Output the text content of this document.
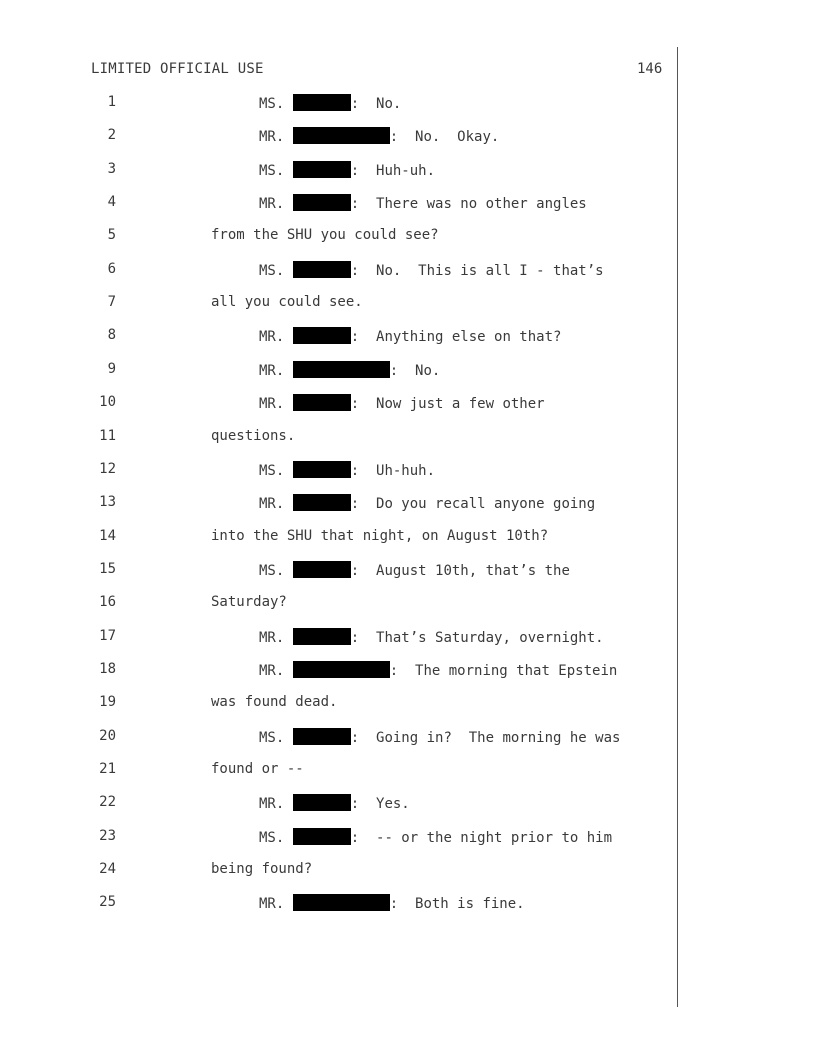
LIMITED OFFICIAL USE	146
1	MS.	:  No.
2	MR.	:  No.  Okay.
3	MS.	:  Huh-uh.
4	MR.	:  There was no other angles
5	from the SHU you could see?
6	MS.	:  No.  This is all I - that’s
7	all you could see.
8	MR.	:  Anything else on that?
9	MR.	:  No.
10	MR.	:  Now just a few other
11	questions.
12	MS.	:  Uh-huh.
13	MR.	:  Do you recall anyone going
14	into the SHU that night, on August 10th?
15	MS.	:  August 10th, that’s the
16	Saturday?
17	MR.	:  That’s Saturday, overnight.
18	MR.	:  The morning that Epstein
19	was found dead.
20	MS.	:  Going in?  The morning he was
21	found or --
22	MR.	:  Yes.
23	MS.	:  -- or the night prior to him
24	being found?
25	MR.	:  Both is fine.
